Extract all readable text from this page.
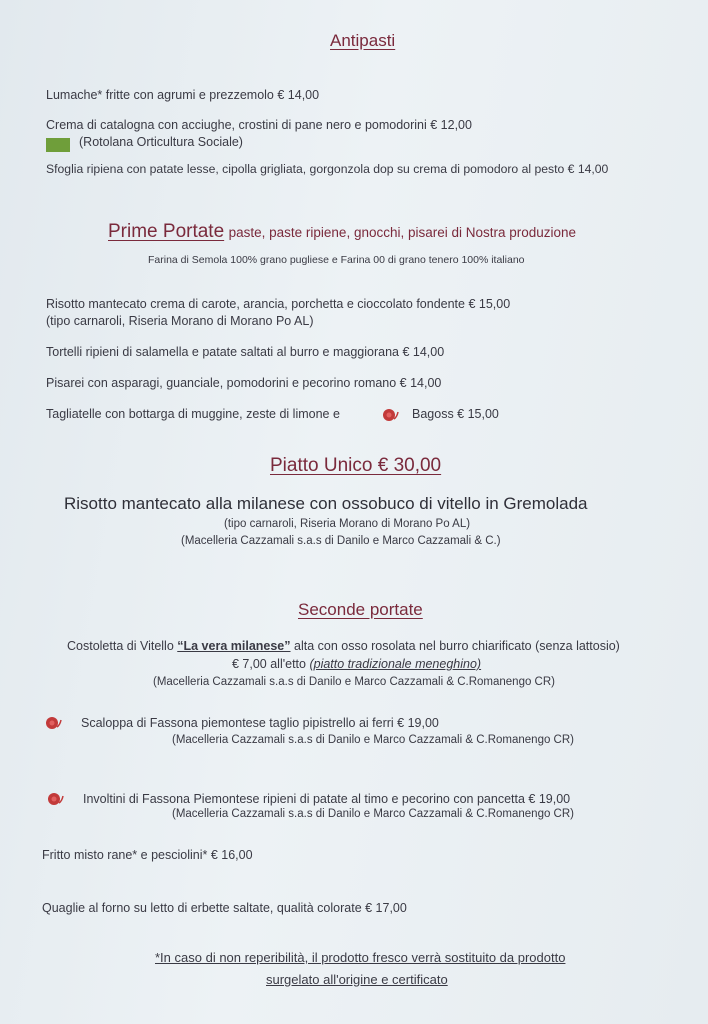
Antipasti
Lumache* fritte con agrumi e prezzemolo € 14,00
Crema di catalogna con acciughe, crostini di pane nero e pomodorini € 12,00
(Rotolana Orticultura Sociale)
Sfoglia ripiena con patate lesse, cipolla grigliata, gorgonzola dop su crema di pomodoro al pesto € 14,00
Prime Portate paste, paste ripiene, gnocchi, pisarei di Nostra produzione
Farina di Semola 100% grano pugliese e Farina 00 di grano tenero 100% italiano
Risotto mantecato crema di carote, arancia, porchetta e cioccolato fondente € 15,00
(tipo carnaroli, Riseria Morano di Morano Po AL)
Tortelli ripieni di salamella e patate saltati al burro e maggiorana € 14,00
Pisarei con asparagi, guanciale, pomodorini e pecorino romano € 14,00
Tagliatelle con bottarga di muggine, zeste di limone e	Bagoss € 15,00
Piatto Unico € 30,00
Risotto mantecato alla milanese con ossobuco di vitello in Gremolada
(tipo carnaroli, Riseria Morano di Morano Po AL)
(Macelleria Cazzamali s.a.s di Danilo e Marco Cazzamali & C.)
Seconde portate
Costoletta di Vitello “La vera milanese” alta con osso rosolata nel burro chiarificato (senza lattosio)
€ 7,00 all'etto (piatto tradizionale meneghino)
(Macelleria Cazzamali s.a.s di Danilo e Marco Cazzamali & C.Romanengo CR)
Scaloppa di Fassona piemontese taglio pipistrello ai ferri € 19,00
(Macelleria Cazzamali s.a.s di Danilo e Marco Cazzamali & C.Romanengo CR)
Involtini di Fassona Piemontese ripieni di patate al timo e pecorino con pancetta € 19,00
(Macelleria Cazzamali s.a.s di Danilo e Marco Cazzamali & C.Romanengo CR)
Fritto misto rane* e pesciolini* € 16,00
Quaglie al forno su letto di erbette saltate, qualità colorate € 17,00
*In caso di non reperibilità, il prodotto fresco verrà sostituito da prodotto
surgelato all'origine e certificato
